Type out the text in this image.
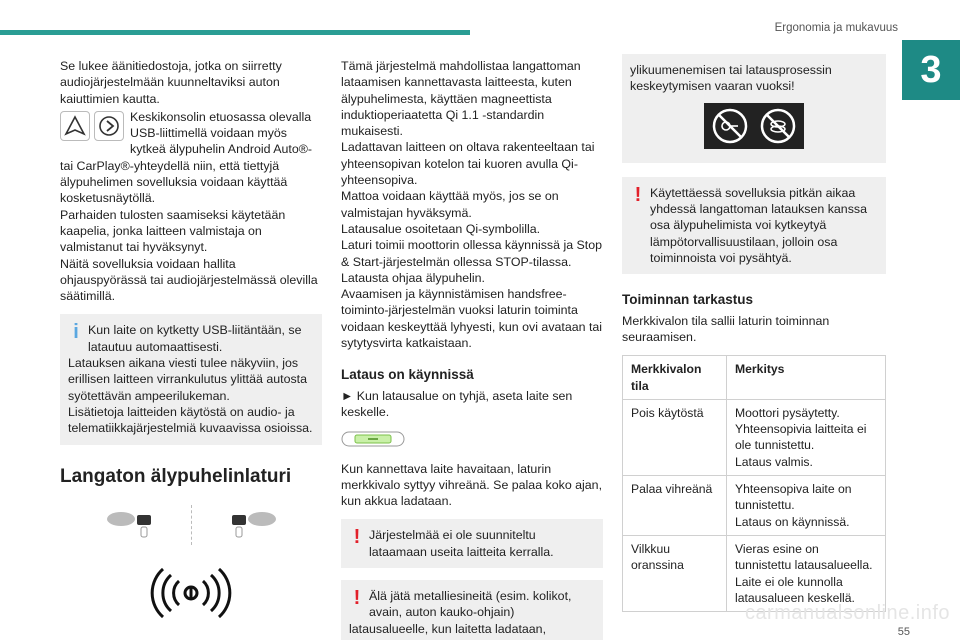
Ergonomia ja mukavuus
3

Se lukee äänitiedostoja, jotka on siirretty audiojärjestelmään kuunneltaviksi auton kaiuttimien kautta.

Keskikonsolin etuosassa olevalla USB-liittimellä voidaan myös kytkeä älypuhelin Android Auto®- tai CarPlay®-yhteydellä niin, että tiettyjä älypuhelimen sovelluksia voidaan käyttää kosketusnäytöllä.

Parhaiden tulosten saamiseksi käytetään kaapelia, jonka laitteen valmistaja on valmistanut tai hyväksynyt.

Näitä sovelluksia voidaan hallita ohjauspyörässä tai audiojärjestelmässä olevilla säätimillä.

i Kun laite on kytketty USB-liitäntään, se latautuu automaattisesti.

Latauksen aikana viesti tulee näkyviin, jos erillisen laitteen virrankulutus ylittää autosta syötettävän ampeerilukeman.

Lisätietoja laitteiden käytöstä on audio- ja telematiikkajärjestelmiä kuvaavissa osioissa.

Langaton älypuhelinlaturi

Tämä järjestelmä mahdollistaa langattoman lataamisen kannettavasta laitteesta, kuten älypuhelimesta, käyttäen magneettista induktioperiaatetta Qi 1.1 -standardin mukaisesti.

Ladattavan laitteen on oltava rakenteeltaan tai yhteensopivan kotelon tai kuoren avulla Qi-yhteensopiva.

Mattoa voidaan käyttää myös, jos se on valmistajan hyväksymä.

Latausalue osoitetaan Qi-symbolilla.

Laturi toimii moottorin ollessa käynnissä ja Stop & Start-järjestelmän ollessa STOP-tilassa.

Latausta ohjaa älypuhelin.

Avaamisen ja käynnistämisen handsfree-toiminto-järjestelmän vuoksi laturin toiminta voidaan keskeyttää lyhyesti, kun ovi avataan tai sytytysvirta katkaistaan.

Lataus on käynnissä

► Kun latausalue on tyhjä, aseta laite sen keskelle.

Kun kannettava laite havaitaan, laturin merkkivalo syttyy vihreänä. Se palaa koko ajan, kun akkua ladataan.

! Järjestelmää ei ole suunniteltu lataamaan useita laitteita kerralla.

! Älä jätä metalliesineitä (esim. kolikot, avain, auton kauko-ohjain)

latausalueelle, kun laitetta ladataan,

ylikuumenemisen tai latausprosessin keskeytymisen vaaran vuoksi!

! Käytettäessä sovelluksia pitkän aikaa yhdessä langattoman latauksen kanssa osa älypuhelimista voi kytkeytyä lämpötorvallisuustilaan, jolloin osa toiminnoista voi pysähtyä.

Toiminnan tarkastus

Merkkivalon tila sallii laturin toiminnan seuraamisen.

Merkkivalon tila	Merkitys
Pois käytöstä	Moottori pysäytetty.
Yhteensopivia laitteita ei ole tunnistettu.
Lataus valmis.

Palaa vihreänä	Yhteensopiva laite on tunnistettu.
Lataus on käynnissä.

Vilkkuu oranssina	Vieras esine on tunnistettu latausalueella.
Laite ei ole kunnolla latausalueen keskellä.
carmanualsonline.info
55
